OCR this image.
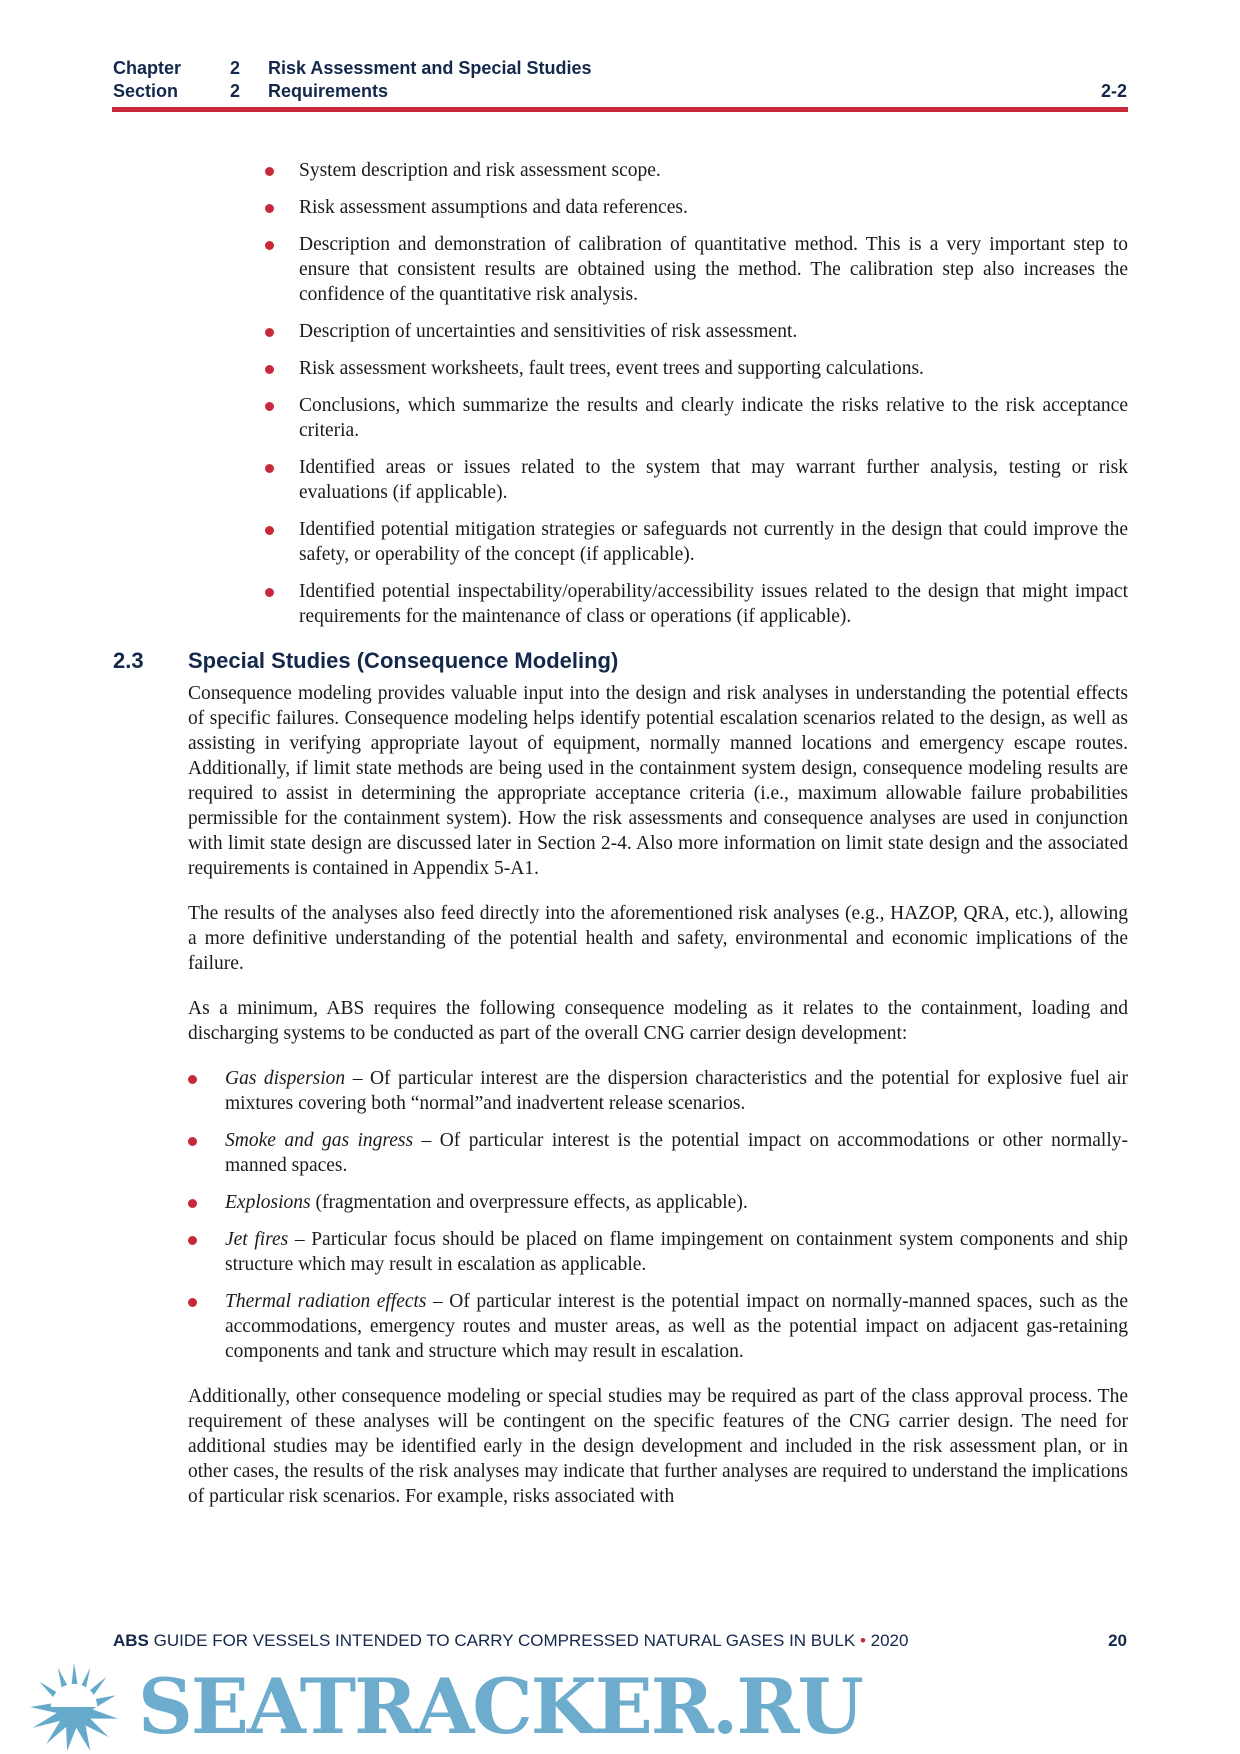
Chapter	2 Risk Assessment and Special Studies
Section	2 Requirements	2-2
System description and risk assessment scope.
Risk assessment assumptions and data references.
Description and demonstration of calibration of quantitative method. This is a very important step to ensure that consistent results are obtained using the method. The calibration step also increases the confidence of the quantitative risk analysis.
Description of uncertainties and sensitivities of risk assessment.
Risk assessment worksheets, fault trees, event trees and supporting calculations.
Conclusions, which summarize the results and clearly indicate the risks relative to the risk acceptance criteria.
Identified areas or issues related to the system that may warrant further analysis, testing or risk evaluations (if applicable).
Identified potential mitigation strategies or safeguards not currently in the design that could improve the safety, or operability of the concept (if applicable).
Identified potential inspectability/operability/accessibility issues related to the design that might impact requirements for the maintenance of class or operations (if applicable).
2.3	Special Studies (Consequence Modeling)

Consequence modeling provides valuable input into the design and risk analyses in understanding the potential effects of specific failures. Consequence modeling helps identify potential escalation scenarios related to the design, as well as assisting in verifying appropriate layout of equipment, normally manned locations and emergency escape routes. Additionally, if limit state methods are being used in the containment system design, consequence modeling results are required to assist in determining the appropriate acceptance criteria (i.e., maximum allowable failure probabilities permissible for the containment system). How the risk assessments and consequence analyses are used in conjunction with limit state design are discussed later in Section 2-4. Also more information on limit state design and the associated requirements is contained in Appendix 5-A1.

The results of the analyses also feed directly into the aforementioned risk analyses (e.g., HAZOP, QRA, etc.), allowing a more definitive understanding of the potential health and safety, environmental and economic implications of the failure.

As a minimum, ABS requires the following consequence modeling as it relates to the containment, loading and discharging systems to be conducted as part of the overall CNG carrier design development:

Gas dispersion – Of particular interest are the dispersion characteristics and the potential for explosive fuel air mixtures covering both “normal”and inadvertent release scenarios.
Smoke and gas ingress – Of particular interest is the potential impact on accommodations or other normally-manned spaces.
Explosions (fragmentation and overpressure effects, as applicable).
Jet fires – Particular focus should be placed on flame impingement on containment system components and ship structure which may result in escalation as applicable.
Thermal radiation effects – Of particular interest is the potential impact on normally-manned spaces, such as the accommodations, emergency routes and muster areas, as well as the potential impact on adjacent gas-retaining components and tank and structure which may result in escalation.
Additionally, other consequence modeling or special studies may be required as part of the class approval process. The requirement of these analyses will be contingent on the specific features of the CNG carrier design. The need for additional studies may be identified early in the design development and included in the risk assessment plan, or in other cases, the results of the risk analyses may indicate that further analyses are required to understand the implications of particular risk scenarios. For example, risks associated with
ABS GUIDE FOR VESSELS INTENDED TO CARRY COMPRESSED NATURAL GASES IN BULK • 2020	20
SEATRACKER.RU
